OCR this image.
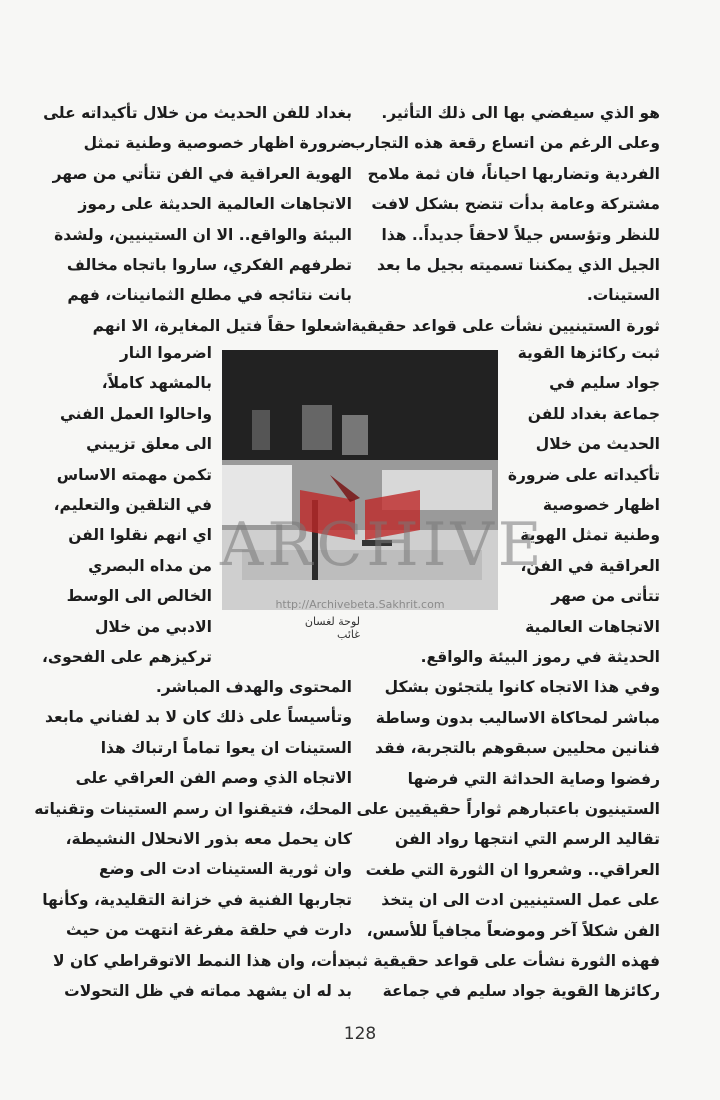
هو الذي سيفضي بها الى ذلك التأثير.
وعلى الرغم من اتساع رقعة هذه التجارب
الفردية وتضاربها احياناً، فان ثمة ملامح
مشتركة وعامة بدأت تتضح بشكل لافت
للنظر وتؤسس جيلاً لاحقاً جديداً.. هذا
الجيل الذي يمكننا تسميته بجيل ما بعد
الستينات.
ثورة الستينيين نشأت على قواعد حقيقية
ثبت ركائزها القوية
جواد سليم في
جماعة بغداد للفن
الحديث من خلال
تأكيداته على ضرورة
اظهار خصوصية
وطنية تمثل الهوية
العراقية في الفن،
تتأتى من صهر
الاتجاهات العالمية
الحديثة في رموز البيئة والواقع.
وفي هذا الاتجاه كانوا يلتجئون بشكل
مباشر لمحاكاة الاساليب بدون وساطة
فنانين محليين سبقوهم بالتجربة، فقد
رفضوا وصاية الحداثة التي فرضها
الستينيون باعتبارهم ثواراً حقيقيين على
تقاليد الرسم التي انتجها رواد الفن
العراقي.. وشعروا ان الثورة التي طغت
على عمل الستينيين ادت الى ان يتخذ
الفن شكلاً آخر وموضعاً مجافياً للأسس،
فهذه الثورة نشأت على قواعد حقيقية ثبت
ركائزها القوية جواد سليم في جماعة
بغداد للفن الحديث من خلال تأكيداته على
ضرورة اظهار خصوصية وطنية تمثل
الهوية العراقية في الفن تتأتي من صهر
الاتجاهات العالمية الحديثة على رموز
البيئة والواقع.. الا ان الستينيين، ولشدة
تطرفهم الفكري، ساروا باتجاه مخالف
بانت نتائجه في مطلع الثمانينات، فهم
اشعلوا حقاً فتيل المغايرة، الا انهم
اضرموا النار
بالمشهد كاملاً،
واحالوا العمل الفني
الى معلق تزييني
تكمن مهمته الاساس
في التلقين والتعليم،
اي انهم نقلوا الفن
من مداه البصري
الخالص الى الوسط
الادبي من خلال
تركيزهم على الفحوى،
المحتوى والهدف المباشر.
وتأسيساً على ذلك كان لا بد لفناني مابعد
الستينات ان يعوا تماماً ارتباك هذا
الاتجاه الذي وصم الفن العراقي على
المحك، فتيقنوا ان رسم الستينات وتقنياته
كان يحمل معه بذور الانحلال النشيطة،
وان ثورية الستينات ادت الى وضع
تجاربها الفنية في خزانة التقليدية، وكأنها
دارت في حلقة مفرغة انتهت من حيث
بدأت، وان هذا النمط الاتوقراطي كان لا
بد له ان يشهد مماته في ظل التحولات
ARCHIVE
http://Archivebeta.Sakhrit.com
لوحة لغسان غائب
128
